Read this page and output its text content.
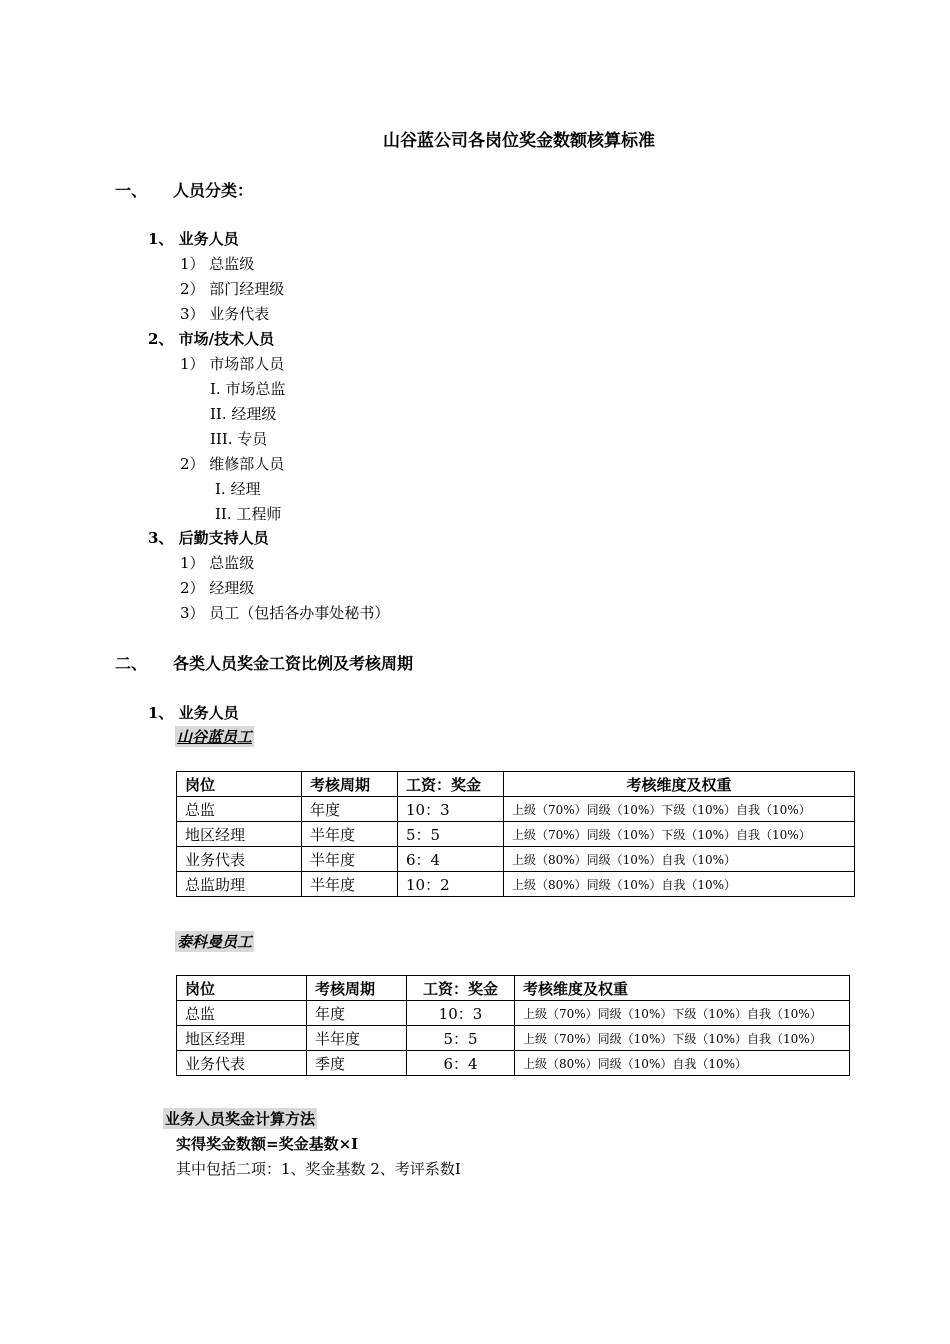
山谷蓝公司各岗位奖金数额核算标准
一、 人员分类：
1、 业务人员
1） 总监级
2） 部门经理级
3） 业务代表
2、 市场/技术人员
1） 市场部人员
I. 市场总监
II. 经理级
III. 专员
2） 维修部人员
I. 经理
II. 工程师
3、 后勤支持人员
1） 总监级
2） 经理级
3） 员工（包括各办事处秘书）
二、 各类人员奖金工资比例及考核周期
1、 业务人员
山谷蓝员工
岗位	考核周期	工资：奖金	考核维度及权重
总监	年度	10：3	上级（70%）同级（10%）下级（10%）自我（10%）
地区经理	半年度	5：5	上级（70%）同级（10%）下级（10%）自我（10%）
业务代表	半年度	6：4	上级（80%）同级（10%）自我（10%）
总监助理	半年度	10：2	上级（80%）同级（10%）自我（10%）
泰科曼员工
岗位	考核周期	工资：奖金	考核维度及权重
总监	年度	10：3	上级（70%）同级（10%）下级（10%）自我（10%）
地区经理	半年度	5：5	上级（70%）同级（10%）下级（10%）自我（10%）
业务代表	季度	6：4	上级（80%）同级（10%）自我（10%）
业务人员奖金计算方法
实得奖金数额=奖金基数×I
其中包括二项：1、奖金基数 2、考评系数I
